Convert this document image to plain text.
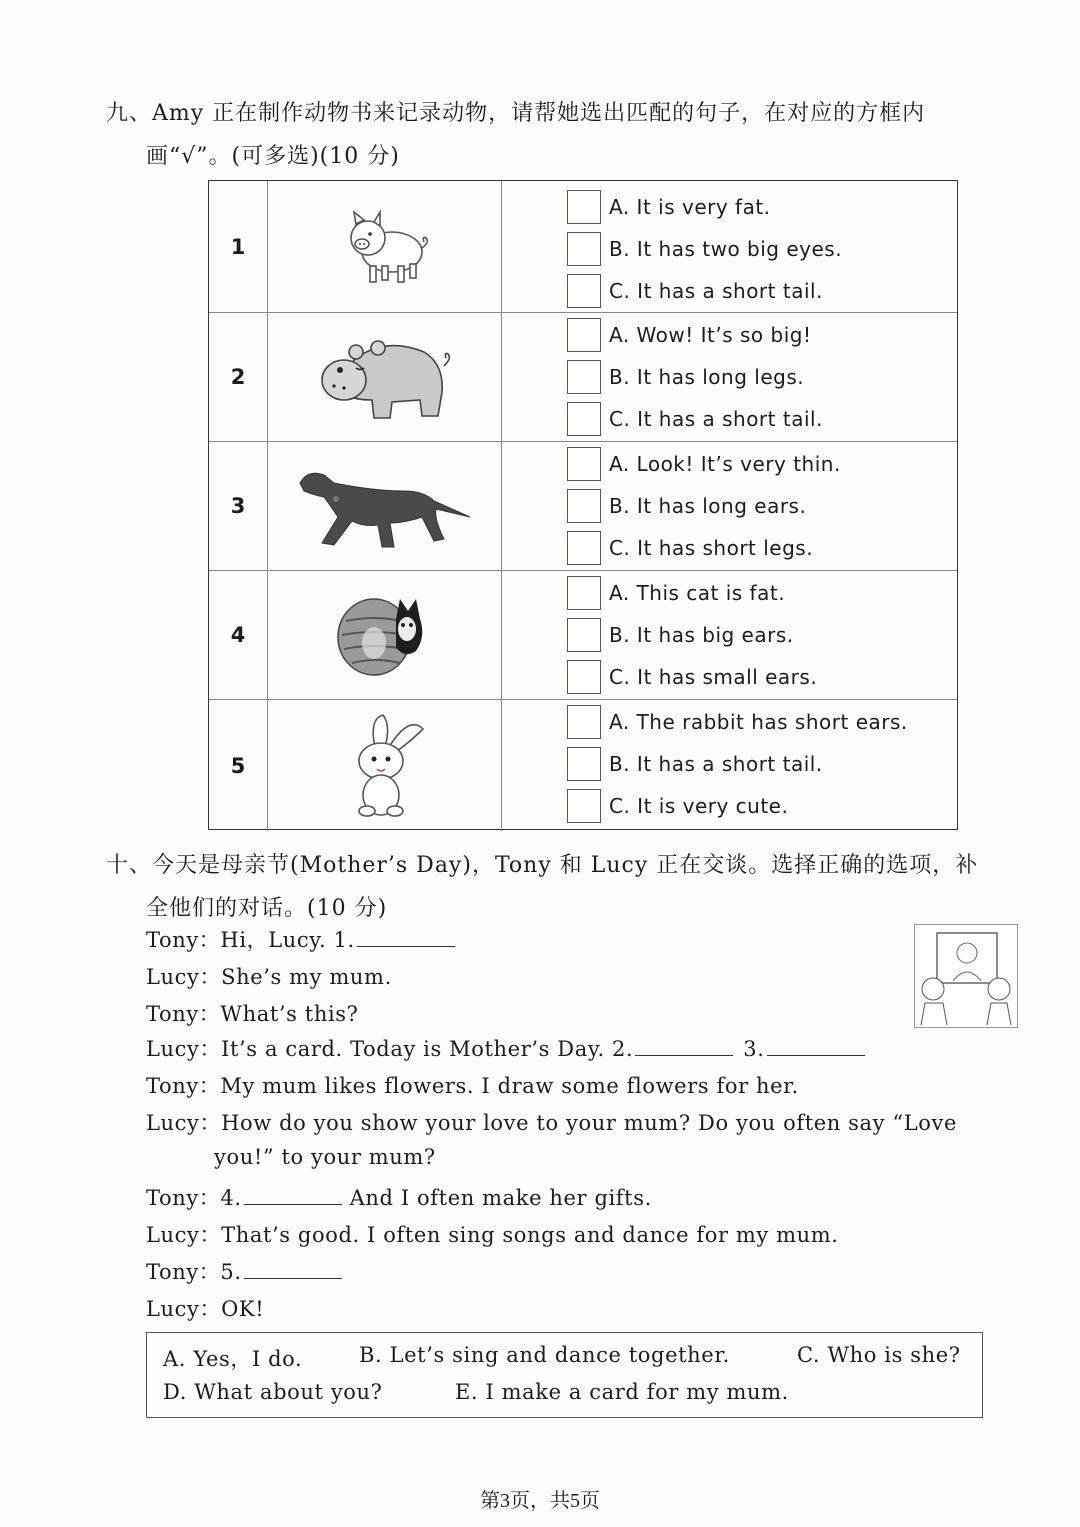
九、Amy 正在制作动物书来记录动物，请帮她选出匹配的句子，在对应的方框内
画“√”。(可多选)(10 分)
1
A. It is very fat.
B. It has two big eyes.
C. It has a short tail.
2
A. Wow! It’s so big!
B. It has long legs.
C. It has a short tail.
3
A. Look! It’s very thin.
B. It has long ears.
C. It has short legs.
4
A. This cat is fat.
B. It has big ears.
C. It has small ears.
5
A. The rabbit has short ears.
B. It has a short tail.
C. It is very cute.
十、今天是母亲节(Mother’s Day)，Tony 和 Lucy 正在交谈。选择正确的选项，补
全他们的对话。(10 分)
Tony：Hi，Lucy. 1.
Lucy：She’s my mum.
Tony：What’s this?
Lucy：It’s a card. Today is Mother’s Day. 2.	3.
Tony：My mum likes flowers. I draw some flowers for her.
Lucy：How do you show your love to your mum? Do you often say “Love
you!” to your mum?
Tony：4.	And I often make her gifts.
Lucy：That’s good. I often sing songs and dance for my mum.
Tony：5.
Lucy：OK!
A. Yes，I do.	B. Let’s sing and dance together.	C. Who is she?
D. What about you?	E. I make a card for my mum.
第3页，共5页
